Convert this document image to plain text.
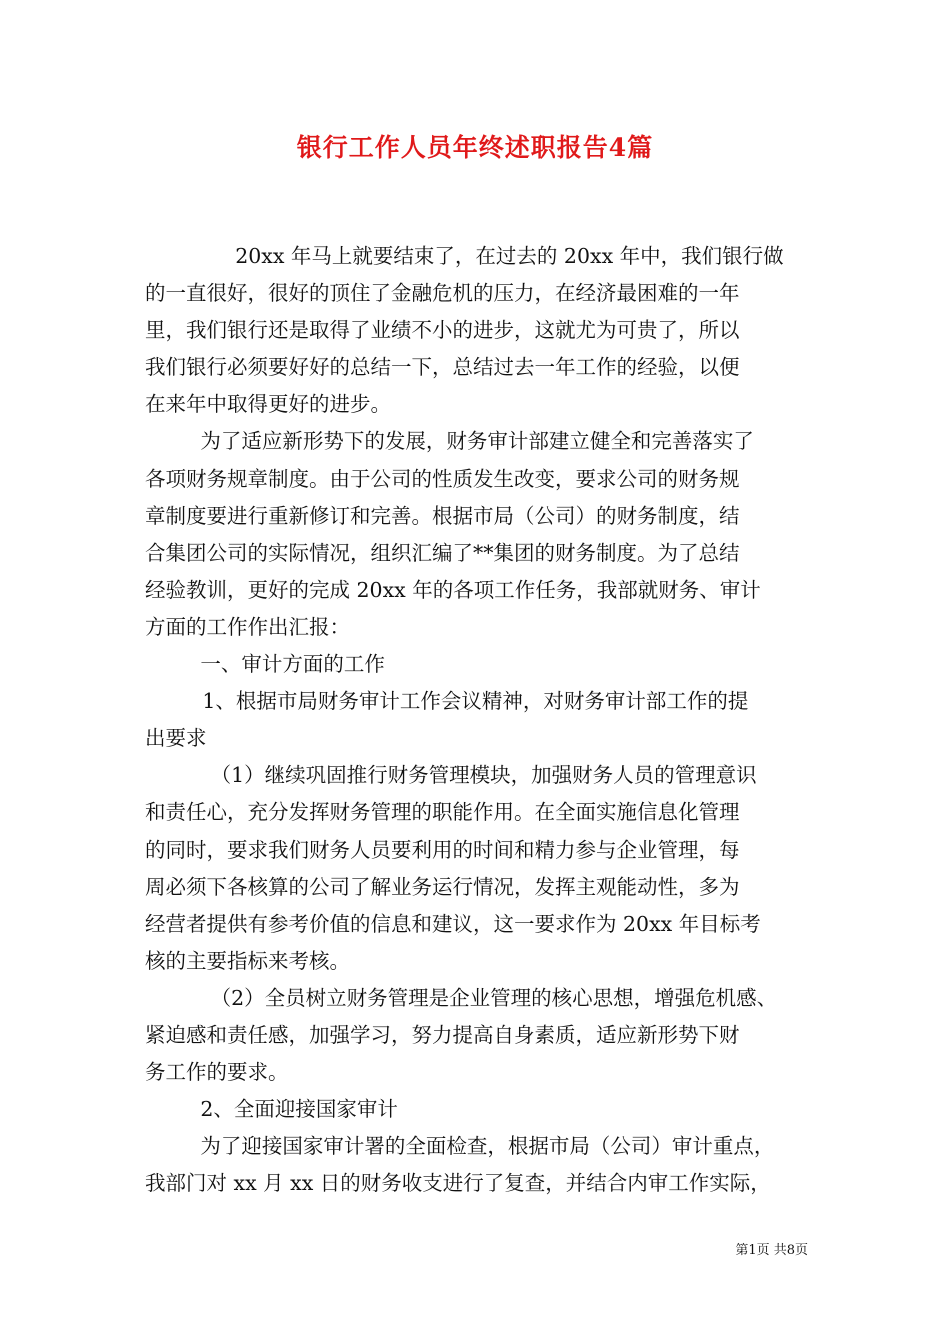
银行工作人员年终述职报告4篇
20xx 年马上就要结束了，在过去的 20xx 年中，我们银行做
的一直很好，很好的顶住了金融危机的压力，在经济最困难的一年
里，我们银行还是取得了业绩不小的进步，这就尤为可贵了，所以
我们银行必须要好好的总结一下，总结过去一年工作的经验，以便
在来年中取得更好的进步。
为了适应新形势下的发展，财务审计部建立健全和完善落实了
各项财务规章制度。由于公司的性质发生改变，要求公司的财务规
章制度要进行重新修订和完善。根据市局（公司）的财务制度，结
合集团公司的实际情况，组织汇编了**集团的财务制度。为了总结
经验教训，更好的完成 20xx 年的各项工作任务，我部就财务、审计
方面的工作作出汇报：
一、审计方面的工作
1、根据市局财务审计工作会议精神，对财务审计部工作的提
出要求
（1）继续巩固推行财务管理模块，加强财务人员的管理意识
和责任心，充分发挥财务管理的职能作用。在全面实施信息化管理
的同时，要求我们财务人员要利用的时间和精力参与企业管理，每
周必须下各核算的公司了解业务运行情况，发挥主观能动性，多为
经营者提供有参考价值的信息和建议，这一要求作为 20xx 年目标考
核的主要指标来考核。
（2）全员树立财务管理是企业管理的核心思想，增强危机感、
紧迫感和责任感，加强学习，努力提高自身素质，适应新形势下财
务工作的要求。
2、全面迎接国家审计
为了迎接国家审计署的全面检查，根据市局（公司）审计重点，
我部门对 xx 月 xx 日的财务收支进行了复查，并结合内审工作实际，
第1页 共8页
